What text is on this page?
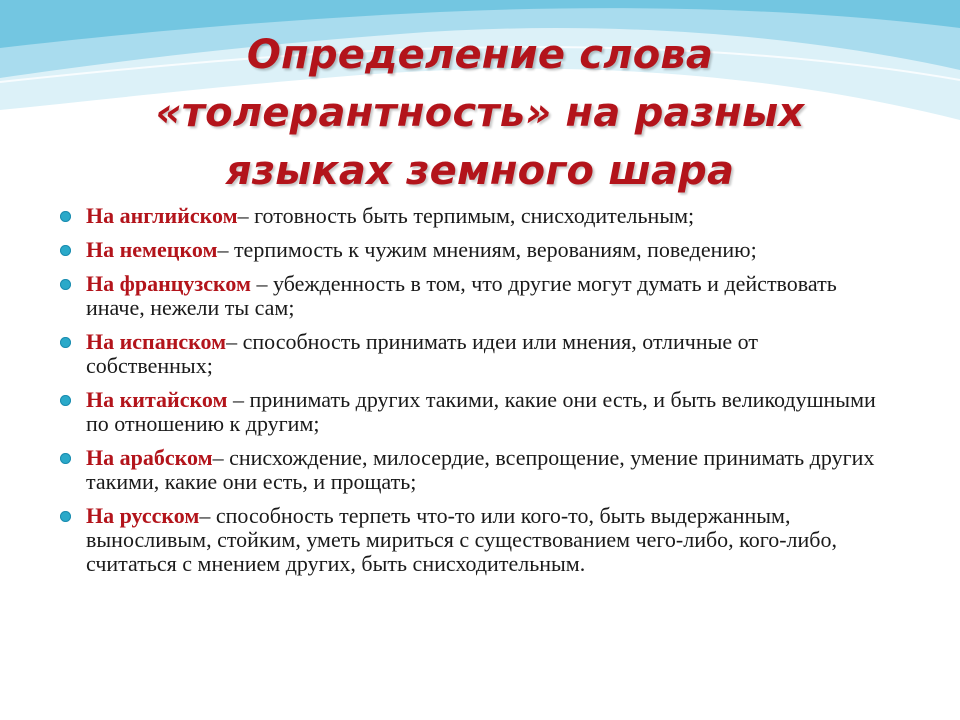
Определение слова
«толерантность» на разных
языках земного шара
На английском– готовность быть терпимым, снисходительным;
На немецком– терпимость к чужим мнениям, верованиям, поведению;
На французском – убежденность в том, что другие могут думать и действовать иначе, нежели ты сам;
На испанском– способность принимать идеи или мнения, отличные от собственных;
На китайском – принимать других такими, какие они есть, и быть великодушными по отношению к другим;
На арабском– снисхождение, милосердие, всепрощение, умение принимать других такими, какие они есть, и прощать;
На русском– способность терпеть что-то или кого-то, быть выдержанным, выносливым, стойким, уметь мириться с существованием чего-либо, кого-либо, считаться с мнением других, быть снисходительным.
